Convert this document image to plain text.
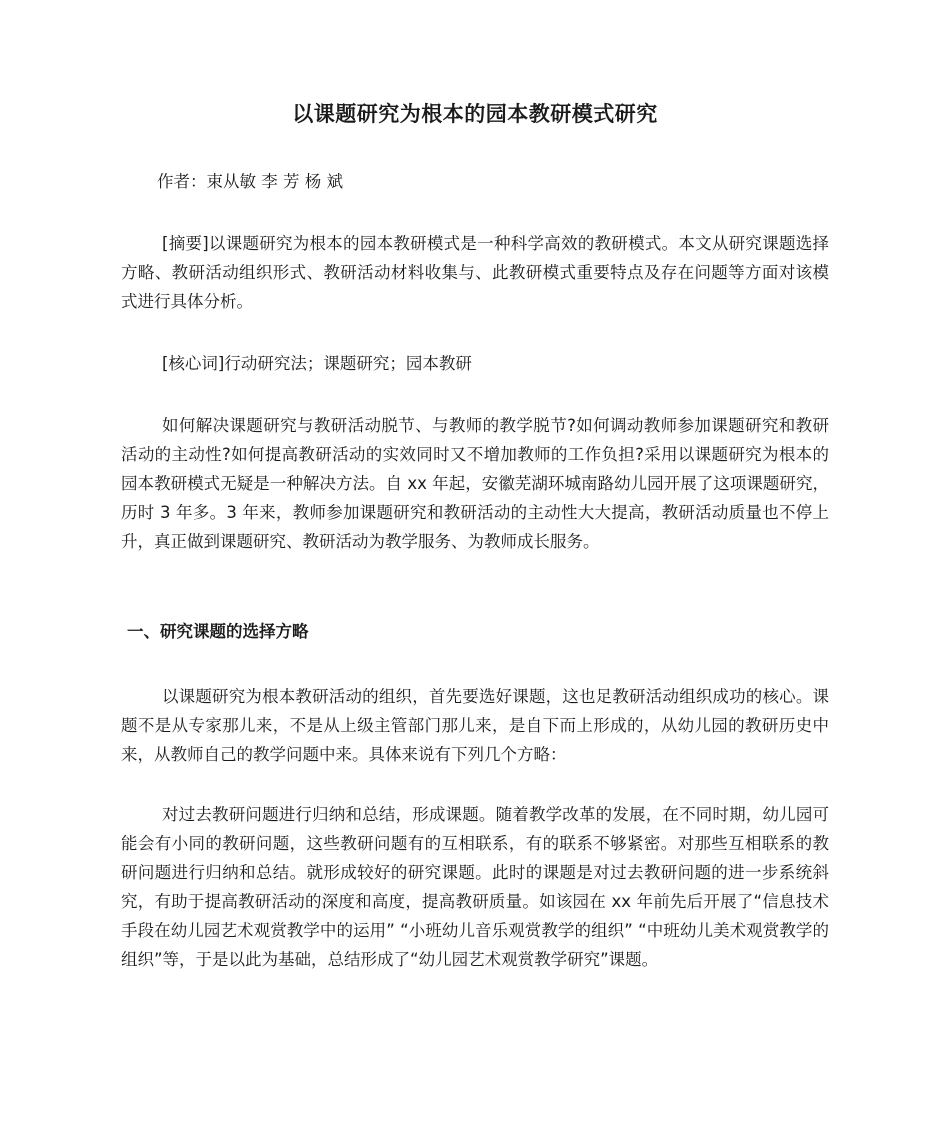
以课题研究为根本的园本教研模式研究
作者：束从敏 李 芳 杨 斌

[摘要]以课题研究为根本的园本教研模式是一种科学高效的教研模式。本文从研究课题选择方略、教研活动组织形式、教研活动材料收集与、此教研模式重要特点及存在问题等方面对该模式进行具体分析。

[核心词]行动研究法；课题研究；园本教研

如何解决课题研究与教研活动脱节、与教师的教学脱节?如何调动教师参加课题研究和教研活动的主动性?如何提高教研活动的实效同时又不增加教师的工作负担?采用以课题研究为根本的园本教研模式无疑是一种解决方法。自 xx 年起，安徽芜湖环城南路幼儿园开展了这项课题研究，历时 3 年多。3 年来，教师参加课题研究和教研活动的主动性大大提高，教研活动质量也不停上升，真正做到课题研究、教研活动为教学服务、为教师成长服务。

一、研究课题的选择方略

以课题研究为根本教研活动的组织，首先要选好课题，这也足教研活动组织成功的核心。课题不是从专家那儿来，不是从上级主管部门那儿来，是自下而上形成的，从幼儿园的教研历史中来，从教师自己的教学问题中来。具体来说有下列几个方略：

对过去教研问题进行归纳和总结，形成课题。随着教学改革的发展，在不同时期，幼儿园可能会有小同的教研问题，这些教研问题有的互相联系，有的联系不够紧密。对那些互相联系的教研问题进行归纳和总结。就形成较好的研究课题。此时的课题是对过去教研问题的进一步系统斜究，有助于提高教研活动的深度和高度，提高教研质量。如该园在 xx 年前先后开展了“信息技术手段在幼儿园艺术观赏教学中的运用” “小班幼儿音乐观赏教学的组织” “中班幼儿美术观赏教学的组织”等，于是以此为基础，总结形成了“幼儿园艺术观赏教学研究”课题。
